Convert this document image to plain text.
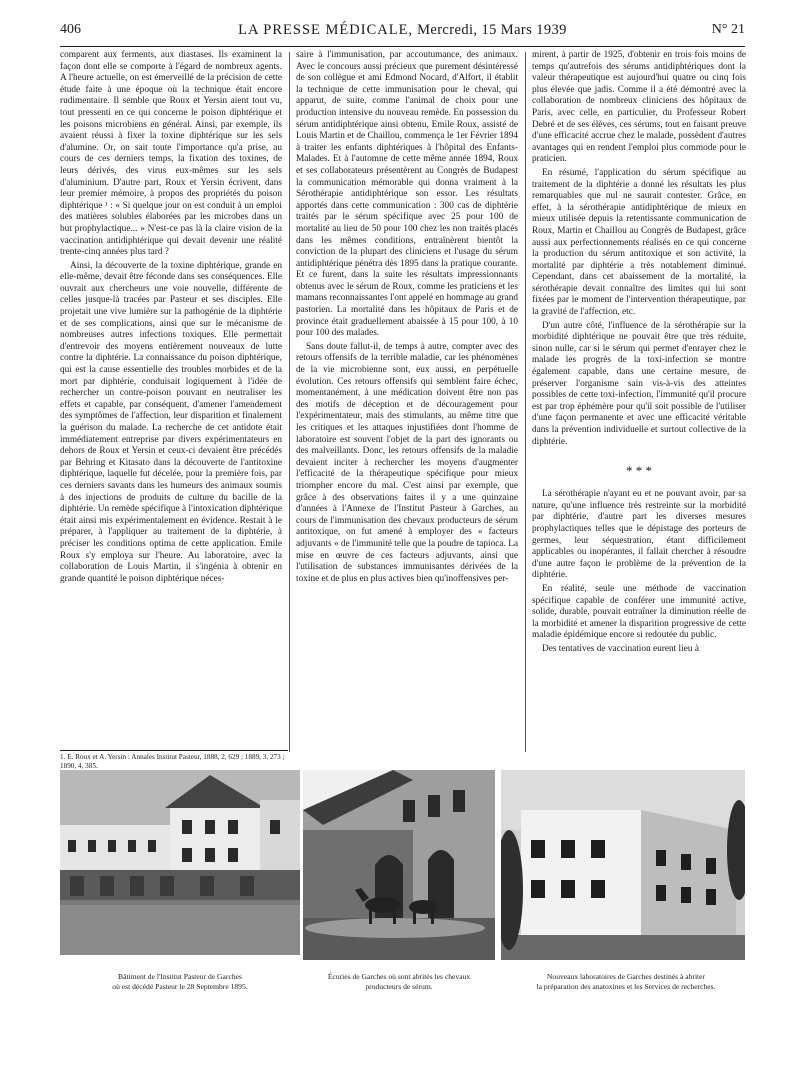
406	LA PRESSE MÉDICALE, Mercredi, 15 Mars 1939	N° 21

comparent aux ferments, aux diastases. Ils examinent la façon dont elle se comporte à l'égard de nombreux agents. A l'heure actuelle, on est émerveillé de la précision de cette étude faite à une époque où la technique était encore rudimentaire. Il semble que Roux et Yersin aient tout vu, tout pressenti en ce qui concerne le poison diphtérique et les poisons microbiens en général. Ainsi, par exemple, ils avaient réussi à fixer la toxine diphtérique sur les sels d'alumine. Or, on sait toute l'importance qu'a prise, au cours de ces derniers temps, la fixation des toxines, de leurs dérivés, des virus eux-mêmes sur les sels d'aluminium. D'autre part, Roux et Yersin écrivent, dans leur premier mémoire, à propos des propriétés du poison diphtérique ¹ : « Si quelque jour on est conduit à un emploi des matières solubles élaborées par les microbes dans un but prophylactique... » N'est-ce pas là la claire vision de la vaccination antidiphtérique qui devait devenir une réalité trente-cinq années plus tard ?

Ainsi, la découverte de la toxine diphtérique, grande en elle-même, devait être féconde dans ses conséquences. Elle ouvrait aux chercheurs une voie nouvelle, différente de celles jusque-là tracées par Pasteur et ses disciples. Elle projetait une vive lumière sur la pathogénie de la diphtérie et de ses complications, ainsi que sur le mécanisme de nombreuses autres infections toxiques. Elle permettait d'entrevoir des moyens entièrement nouveaux de lutte contre la diphtérie. La connaissance du poison diphtérique, qui est la cause essentielle des troubles morbides et de la mort par diphtérie, conduisait logiquement à l'idée de rechercher un contre-poison pouvant en neutraliser les effets et capable, par conséquent, d'amener l'amendement des symptômes de l'affection, leur disparition et finalement la guérison du malade. La recherche de cet antidote était immédiatement entreprise par divers expérimentateurs en dehors de Roux et Yersin et ceux-ci devaient être précédés par Behring et Kitasato dans la découverte de l'antitoxine diphtérique, laquelle fut décelée, pour la première fois, par ces derniers savants dans les humeurs des animaux soumis à des injections de produits de culture du bacille de la diphtérie. Un remède spécifique à l'intoxication diphtérique était ainsi mis expérimentalement en évidence. Restait à le préparer, à l'appliquer au traitement de la diphtérie, à préciser les conditions optima de cette application. Emile Roux s'y employa sur l'heure. Au laboratoire, avec la collaboration de Louis Martin, il s'ingénia à obtenir en grande quantité le poison diphtérique néces-

saire à l'immunisation, par accoutumance, des animaux. Avec le concours aussi précieux que purement désintéressé de son collègue et ami Edmond Nocard, d'Alfort, il établit la technique de cette immunisation pour le cheval, qui apparut, de suite, comme l'animal de choix pour une production intensive du nouveau remède. En possession du sérum antidiphtérique ainsi obtenu, Emile Roux, assisté de Louis Martin et de Chaillou, commença le 1er Février 1894 à traiter les enfants diphtériques à l'hôpital des Enfants-Malades. Et à l'automne de cette même année 1894, Roux et ses collaborateurs présentèrent au Congrès de Budapest la communication mémorable qui donna vraiment à la Sérothérapie antidiphtérique son essor. Les résultats apportés dans cette communication : 300 cas de diphtérie traités par le sérum spécifique avec 25 pour 100 de mortalité au lieu de 50 pour 100 chez les non traités placés dans les mêmes conditions, entraînèrent bientôt la conviction de la plupart des cliniciens et l'usage du sérum antidiphtérique pénétra dès 1895 dans la pratique courante. Et ce furent, dans la suite les résultats impressionnants obtenus avec le sérum de Roux, comme les praticiens et les mamans reconnaissantes l'ont appelé en hommage au grand pastorien. La mortalité dans les hôpitaux de Paris et de province était graduellement abaissée à 15 pour 100, à 10 pour 100 des malades.

Sans doute fallut-il, de temps à autre, compter avec des retours offensifs de la terrible maladie, car les phénomènes de la vie microbienne sont, eux aussi, en perpétuelle évolution. Ces retours offensifs qui semblent faire échec, momentanément, à une médication doivent être non pas des motifs de déception et de découragement pour l'expérimentateur, mais des stimulants, au même titre que les critiques et les attaques injustifiées dont l'homme de laboratoire est souvent l'objet de la part des ignorants ou des malveillants. Donc, les retours offensifs de la maladie devaient inciter à rechercher les moyens d'augmenter l'efficacité de la thérapeutique spécifique pour mieux triompher encore du mal. C'est ainsi par exemple, que grâce à des observations faites il y a une quinzaine d'années à l'Annexe de l'Institut Pasteur à Garches, au cours de l'immunisation des chevaux producteurs de sérum antitoxique, on fut amené à employer des « facteurs adjuvants » de l'immunité telle que la poudre de tapioca. La mise en œuvre de ces facteurs adjuvants, ainsi que l'utilisation de substances immunisantes dérivées de la toxine et de plus en plus actives bien qu'inoffensives per-

mirent, à partir de 1925, d'obtenir en trois fois moins de temps qu'autrefois des sérums antidiphtériques dont la valeur thérapeutique est aujourd'hui quatre ou cinq fois plus élevée que jadis. Comme il a été démontré avec la collaboration de nombreux cliniciens des hôpitaux de Paris, avec celle, en particulier, du Professeur Robert Debré et de ses élèves, ces sérums, tout en faisant preuve d'une efficacité accrue chez le malade, possèdent d'autres avantages qui en rendent l'emploi plus commode pour le praticien.

En résumé, l'application du sérum spécifique au traitement de la diphtérie a donné les résultats les plus remarquables que nul ne saurait contester. Grâce, en effet, à la sérothérapie antidiphtérique de mieux en mieux utilisée depuis la retentissante communication de Roux, Martin et Chaillou au Congrès de Budapest, grâce aussi aux perfectionnements réalisés en ce qui concerne la production du sérum antitoxique et son activité, la mortalité par diphtérie a très notablement diminué. Cependant, dans cet abaissement de la mortalité, la sérothérapie devait connaître des limites qui lui sont fixées par le moment de l'intervention thérapeutique, par la gravité de l'affection, etc.

D'un autre côté, l'influence de la sérothérapie sur la morbidité diphtérique ne pouvait être que très réduite, sinon nulle, car si le sérum qui permet d'enrayer chez le malade les progrès de la toxi-infection se montre également capable, dans une certaine mesure, de préserver l'organisme sain vis-à-vis des atteintes possibles de cette toxi-infection, l'immunité qu'il procure est par trop éphémère pour qu'il soit possible de l'utiliser d'une façon permanente et avec une efficacité véritable dans la prévention individuelle et surtout collective de la diphtérie.

* * *

La sérothérapie n'ayant eu et ne pouvant avoir, par sa nature, qu'une influence très restreinte sur la morbidité par diphtérie, d'autre part les diverses mesures prophylactiques telles que le dépistage des porteurs de germes, leur séquestration, étant difficilement applicables ou inopérantes, il fallait chercher à résoudre d'une autre façon le problème de la prévention de la diphtérie.

En réalité, seule une méthode de vaccination spécifique capable de conférer une immunité active, solide, durable, pouvait entraîner la diminution réelle de la morbidité et amener la disparition progressive de cette maladie épidémique encore si redoutée du public.

Des tentatives de vaccination eurent lieu à

1. E. Roux et A. Yersin : Annales Institut Pasteur, 1888, 2, 629 ; 1889, 3, 273 ; 1890, 4, 385.
Bâtiment de l'Institut Pasteur de Garches
où est décédé Pasteur le 28 Septembre 1895.
Écuries de Garches où sont abrités les chevaux
producteurs de sérum.
Nouveaux laboratoires de Garches destinés à abriter
la préparation des anatoxines et les Services de recherches.
